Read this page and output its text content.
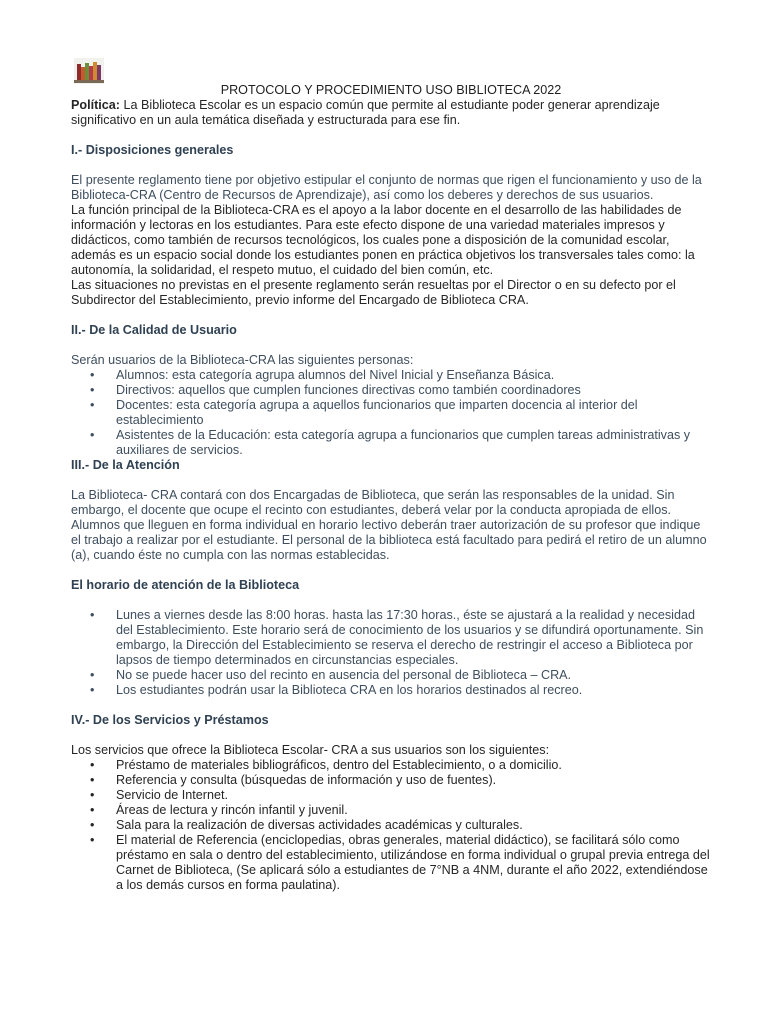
PROTOCOLO Y PROCEDIMIENTO USO BIBLIOTECA 2022

Política: La Biblioteca Escolar es un espacio común que permite al estudiante poder generar aprendizaje significativo en un aula temática diseñada y estructurada para ese fin.

I.- Disposiciones generales

El presente reglamento tiene por objetivo estipular el conjunto de normas que rigen el funcionamiento y uso de la Biblioteca-CRA (Centro de Recursos de Aprendizaje), así como los deberes y derechos de sus usuarios.

La función principal de la Biblioteca-CRA es el apoyo a la labor docente en el desarrollo de las habilidades de información y lectoras en los estudiantes. Para este efecto dispone de una variedad materiales impresos y didácticos, como también de recursos tecnológicos, los cuales pone a disposición de la comunidad escolar, además es un espacio social donde los estudiantes ponen en práctica objetivos los transversales tales como: la autonomía, la solidaridad, el respeto mutuo, el cuidado del bien común, etc.

Las situaciones no previstas en el presente reglamento serán resueltas por el Director o en su defecto por el Subdirector del Establecimiento, previo informe del Encargado de Biblioteca CRA.

II.- De la Calidad de Usuario

Serán usuarios de la Biblioteca-CRA las siguientes personas:

• Alumnos: esta categoría agrupa alumnos del Nivel Inicial y Enseñanza Básica.
• Directivos: aquellos que cumplen funciones directivas como también coordinadores
• Docentes: esta categoría agrupa a aquellos funcionarios que imparten docencia al interior del establecimiento
• Asistentes de la Educación: esta categoría agrupa a funcionarios que cumplen tareas administrativas y auxiliares de servicios.

III.- De la Atención

La Biblioteca- CRA contará con dos Encargadas de Biblioteca, que serán las responsables de la unidad. Sin embargo, el docente que ocupe el recinto con estudiantes, deberá velar por la conducta apropiada de ellos.

Alumnos que lleguen en forma individual en horario lectivo deberán traer autorización de su profesor que indique el trabajo a realizar por el estudiante. El personal de la biblioteca está facultado para pedirá el retiro de un alumno (a), cuando éste no cumpla con las normas establecidas.

El horario de atención de la Biblioteca

• Lunes a viernes desde las 8:00 horas. hasta las 17:30 horas., éste se ajustará a la realidad y necesidad del Establecimiento. Este horario será de conocimiento de los usuarios y se difundirá oportunamente. Sin embargo, la Dirección del Establecimiento se reserva el derecho de restringir el acceso a Biblioteca por lapsos de tiempo determinados en circunstancias especiales.
• No se puede hacer uso del recinto en ausencia del personal de Biblioteca – CRA.
• Los estudiantes podrán usar la Biblioteca CRA en los horarios destinados al recreo.

IV.- De los Servicios y Préstamos

Los servicios que ofrece la Biblioteca Escolar- CRA a sus usuarios son los siguientes:

• Préstamo de materiales bibliográficos, dentro del Establecimiento, o a domicilio.
• Referencia y consulta (búsquedas de información y uso de fuentes).
• Servicio de Internet.
• Áreas de lectura y rincón infantil y juvenil.
• Sala para la realización de diversas actividades académicas y culturales.
• El material de Referencia (enciclopedias, obras generales, material didáctico), se facilitará sólo como préstamo en sala o dentro del establecimiento, utilizándose en forma individual o grupal previa entrega del Carnet de Biblioteca, (Se aplicará sólo a estudiantes de 7°NB a 4NM, durante el año 2022, extendiéndose a los demás cursos en forma paulatina).
